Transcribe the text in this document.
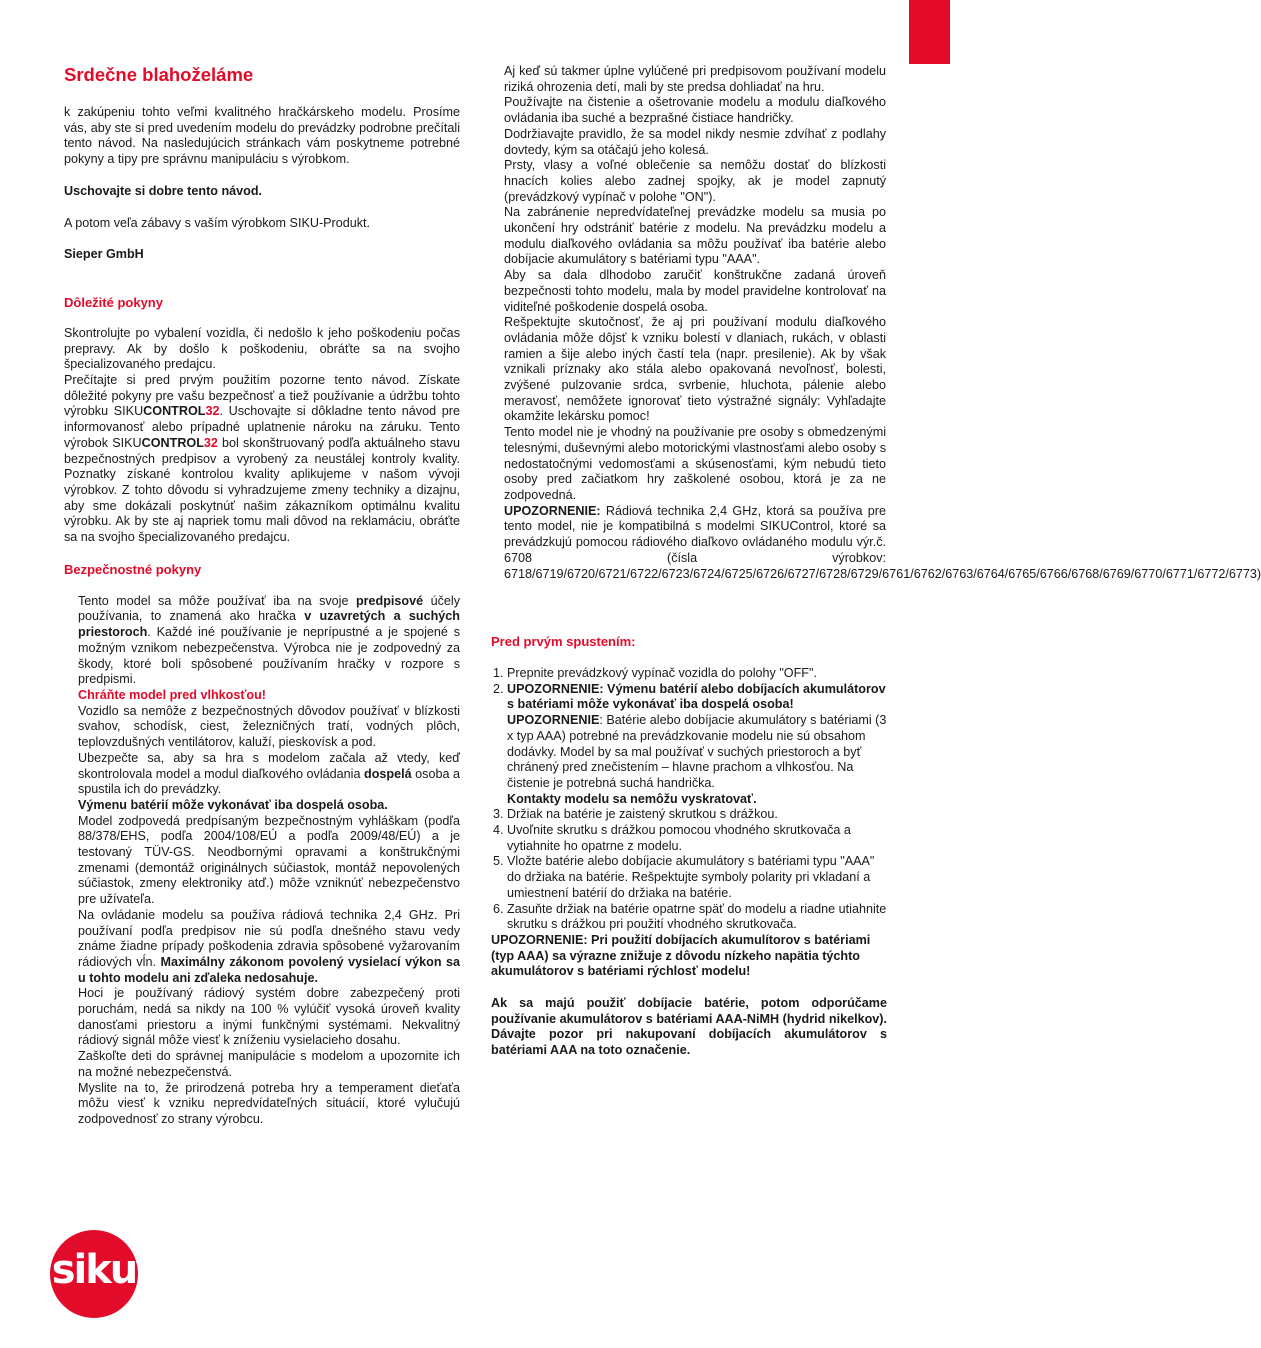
Srdečne blahoželáme

k zakúpeniu tohto veľmi kvalitného hračkárskeho modelu. Prosíme vás, aby ste si pred uvedením modelu do prevádzky podrobne prečítali tento návod. Na nasledujúcich stránkach vám poskytneme potrebné pokyny a tipy pre správnu manipuláciu s výrobkom.

Uschovajte si dobre tento návod.

A potom veľa zábavy s vaším výrobkom SIKU-Produkt.

Sieper GmbH

Dôležité pokyny

Skontrolujte po vybalení vozidla, či nedošlo k jeho poškodeniu počas prepravy. Ak by došlo k poškodeniu, obráťte sa na svojho špecializovaného predajcu.

Prečítajte si pred prvým použitím pozorne tento návod. Získate dôležité pokyny pre vašu bezpečnosť a tiež používanie a údržbu tohto výrobku SIKUCONTROL32. Uschovajte si dôkladne tento návod pre informovanosť alebo prípadné uplatnenie nároku na záruku. Tento výrobok SIKUCONTROL32 bol skonštruovaný podľa aktuálneho stavu bezpečnostných predpisov a vyrobený za neustálej kontroly kvality. Poznatky získané kontrolou kvality aplikujeme v našom vývoji výrobkov. Z tohto dôvodu si vyhradzujeme zmeny techniky a dizajnu, aby sme dokázali poskytnúť našim zákazníkom optimálnu kvalitu výrobku. Ak by ste aj napriek tomu mali dôvod na reklamáciu, obráťte sa na svojho špecializovaného predajcu.

Bezpečnostné pokyny

Tento model sa môže používať iba na svoje predpisové účely používania, to znamená ako hračka v uzavretých a suchých priestoroch. Každé iné používanie je neprípustné a je spojené s možným vznikom nebezpečenstva. Výrobca nie je zodpovedný za škody, ktoré boli spôsobené používaním hračky v rozpore s predpismi.

Chráňte model pred vlhkosťou!

Vozidlo sa nemôže z bezpečnostných dôvodov používať v blízkosti svahov, schodísk, ciest, železničných tratí, vodných plôch, teplovzdušných ventilátorov, kaluží, pieskovísk a pod.

Ubezpečte sa, aby sa hra s modelom začala až vtedy, keď skontrolovala model a modul diaľkového ovládania dospelá osoba a spustila ich do prevádzky.

Výmenu batérií môže vykonávať iba dospelá osoba.

Model zodpovedá predpísaným bezpečnostným vyhláškam (podľa 88/378/EHS, podľa 2004/108/EÚ a podľa 2009/48/EÚ) a je testovaný TÜV-GS. Neodbornými opravami a konštrukčnými zmenami (demontáž originálnych súčiastok, montáž nepovolených súčiastok, zmeny elektroniky atď.) môže vzniknúť nebezpečenstvo pre užívateľa.

Na ovládanie modelu sa používa rádiová technika 2,4 GHz. Pri používaní podľa predpisov nie sú podľa dnešného stavu vedy známe žiadne prípady poškodenia zdravia spôsobené vyžarovaním rádiových vĺn. Maximálny zákonom povolený vysielací výkon sa u tohto modelu ani zďaleka nedosahuje.

Hoci je používaný rádiový systém dobre zabezpečený proti poruchám, nedá sa nikdy na 100 % vylúčiť vysoká úroveň kvality danosťami priestoru a inými funkčnými systémami. Nekvalitný rádiový signál môže viesť k zníženiu vysielacieho dosahu.

Zaškoľte deti do správnej manipulácie s modelom a upozornite ich na možné nebezpečenstvá.

Myslite na to, že prirodzená potreba hry a temperament dieťaťa môžu viesť k vzniku nepredvídateľných situácií, ktoré vylučujú zodpovednosť zo strany výrobcu.

Aj keď sú takmer úplne vylúčené pri predpisovom používaní modelu riziká ohrozenia detí, mali by ste predsa dohliadať na hru.

Používajte na čistenie a ošetrovanie modelu a modulu diaľkového ovládania iba suché a bezprašné čistiace handričky.

Dodržiavajte pravidlo, že sa model nikdy nesmie zdvíhať z podlahy dovtedy, kým sa otáčajú jeho kolesá.

Prsty, vlasy a voľné oblečenie sa nemôžu dostať do blízkosti hnacích kolies alebo zadnej spojky, ak je model zapnutý (prevádzkový vypínač v polohe "ON").

Na zabránenie nepredvídateľnej prevádzke modelu sa musia po ukončení hry odstrániť batérie z modelu. Na prevádzku modelu a modulu diaľkového ovládania sa môžu používať iba batérie alebo dobíjacie akumulátory s batériami typu "AAA".

Aby sa dala dlhodobo zaručiť konštrukčne zadaná úroveň bezpečnosti tohto modelu, mala by model pravidelne kontrolovať na viditeľné poškodenie dospelá osoba.

Rešpektujte skutočnosť, že aj pri používaní modulu diaľkového ovládania môže dôjsť k vzniku bolestí v dlaniach, rukách, v oblasti ramien a šije alebo iných častí tela (napr. presilenie). Ak by však vznikali príznaky ako stála alebo opakovaná nevoľnosť, bolesti, zvýšené pulzovanie srdca, svrbenie, hluchota, pálenie alebo meravosť, nemôžete ignorovať tieto výstražné signály: Vyhľadajte okamžite lekársku pomoc!

Tento model nie je vhodný na používanie pre osoby s obmedzenými telesnými, duševnými alebo motorickými vlastnosťami alebo osoby s nedostatočnými vedomosťami a skúsenosťami, kým nebudú tieto osoby pred začiatkom hry zaškolené osobou, ktorá je za ne zodpovedná.

UPOZORNENIE: Rádiová technika 2,4 GHz, ktorá sa používa pre tento model, nie je kompatibilná s modelmi SIKUControl, ktoré sa prevádzkujú pomocou rádiového diaľkovo ovládaného modulu výr.č. 6708 (čísla výrobkov: 6718/6719/6720/6721/6722/6723/6724/6725/6726/6727/6728/6729/6761/6762/6763/6764/6765/6766/6768/6769/6770/6771/6772/6773)

Pred prvým spustením:
1. Prepnite prevádzkový vypínač vozidla do polohy "OFF".
2. UPOZORNENIE: Výmenu batérií alebo dobíjacích akumulátorov s batériami môže vykonávať iba dospelá osoba!
UPOZORNENIE: Batérie alebo dobíjacie akumulátory s batériami (3 x typ AAA) potrebné na prevádzkovanie modelu nie sú obsahom dodávky. Model by sa mal používať v suchých priestoroch a byť chránený pred znečistením – hlavne prachom a vlhkosťou. Na čistenie je potrebná suchá handrička.
Kontakty modelu sa nemôžu vyskratovať.
3. Držiak na batérie je zaistený skrutkou s drážkou.
4. Uvoľnite skrutku s drážkou pomocou vhodného skrutkovača a vytiahnite ho opatrne z modelu.
5. Vložte batérie alebo dobíjacie akumulátory s batériami typu "AAA" do držiaka na batérie. Rešpektujte symboly polarity pri vkladaní a umiestnení batérií do držiaka na batérie.
6. Zasuňte držiak na batérie opatrne späť do modelu a riadne utiahnite skrutku s drážkou pri použití vhodného skrutkovača.

UPOZORNENIE: Pri použití dobíjacích akumulítorov s batériami (typ AAA) sa výrazne znižuje z dôvodu nízkeho napätia týchto akumulátorov s batériami rýchlosť modelu!

Ak sa majú použiť dobíjacie batérie, potom odporúčame používanie akumulátorov s batériami AAA-NiMH (hydrid nikelkov). Dávajte pozor pri nakupovaní dobíjacích akumulátorov s batériami AAA na toto označenie.

siku
